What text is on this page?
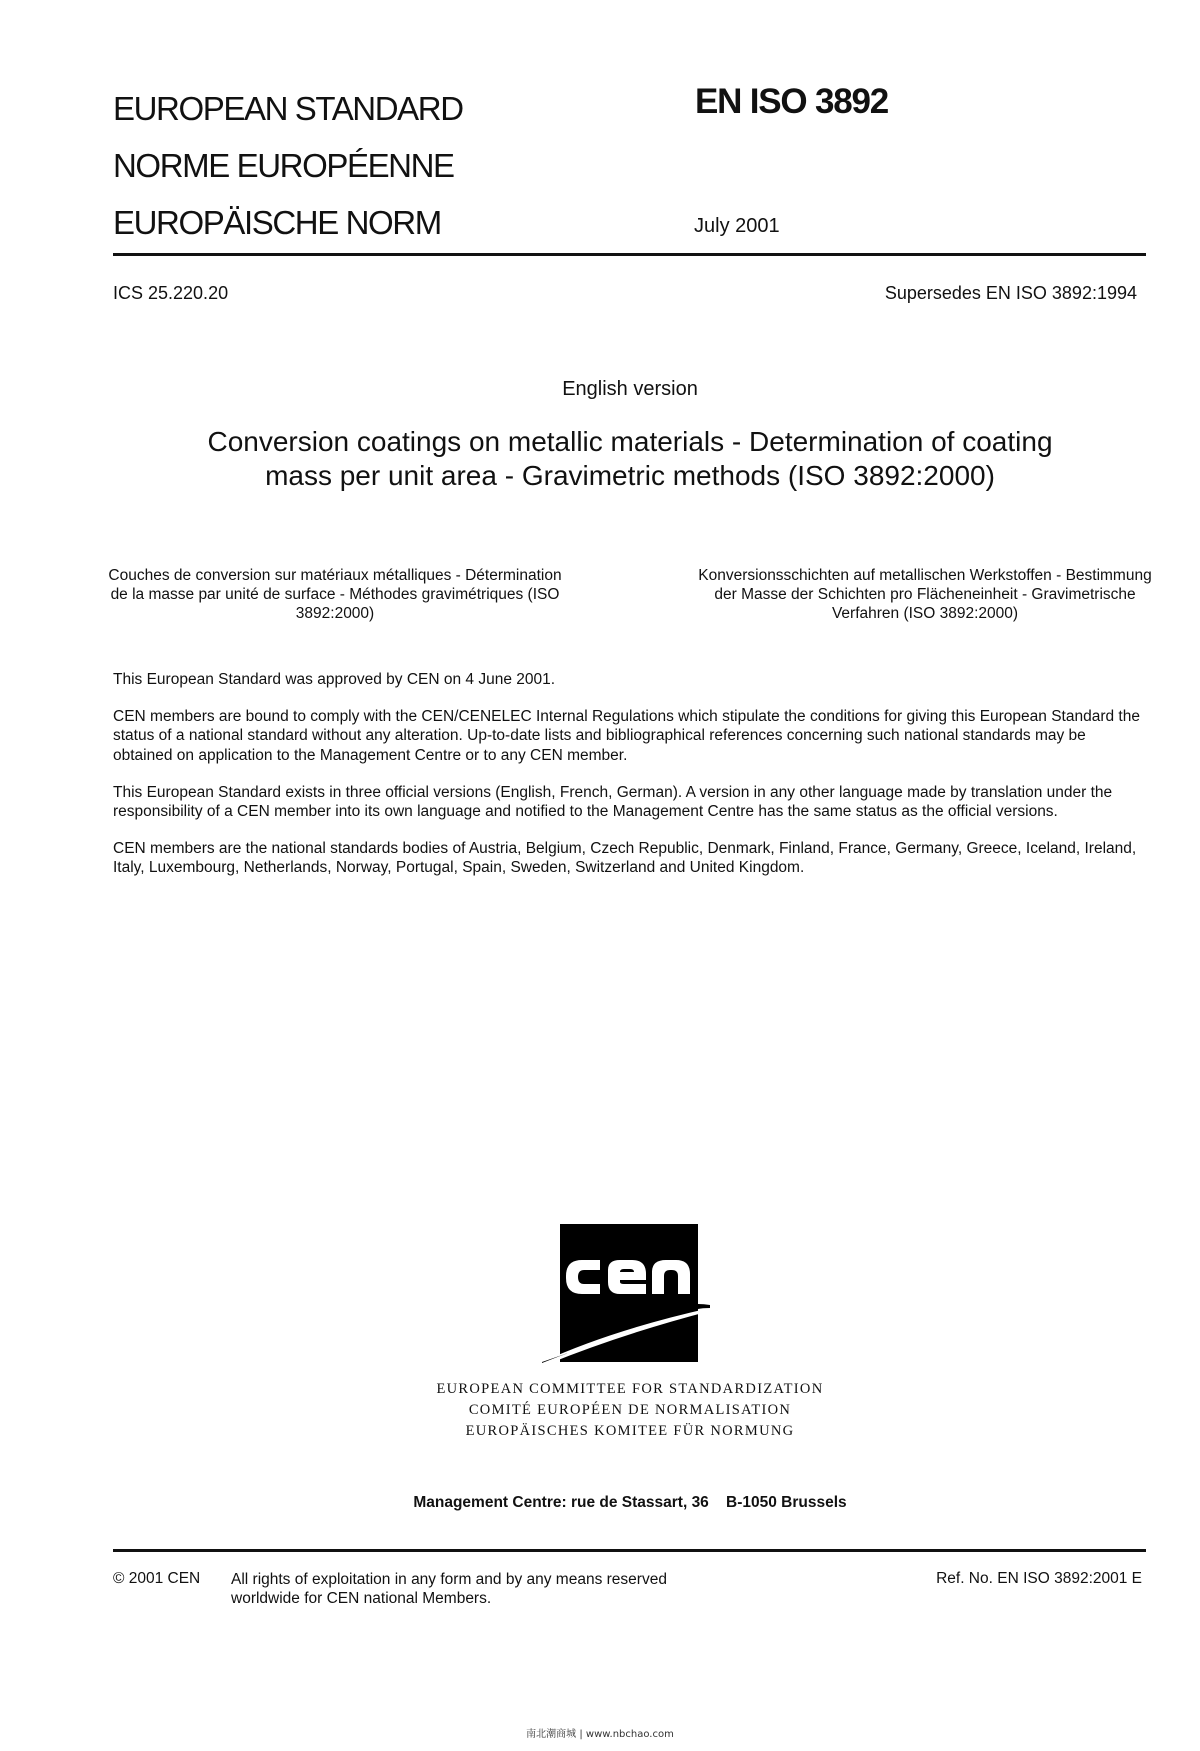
EUROPEAN STANDARD
NORME EUROPÉENNE
EUROPÄISCHE NORM
EN ISO 3892
July 2001
ICS 25.220.20	Supersedes EN ISO 3892:1994
English version
Conversion coatings on metallic materials - Determination of coating mass per unit area - Gravimetric methods (ISO 3892:2000)
Couches de conversion sur matériaux métalliques - Détermination de la masse par unité de surface - Méthodes gravimétriques (ISO 3892:2000)
Konversionsschichten auf metallischen Werkstoffen - Bestimmung der Masse der Schichten pro Flächeneinheit - Gravimetrische Verfahren (ISO 3892:2000)

This European Standard was approved by CEN on 4 June 2001.

CEN members are bound to comply with the CEN/CENELEC Internal Regulations which stipulate the conditions for giving this European Standard the status of a national standard without any alteration. Up-to-date lists and bibliographical references concerning such national standards may be obtained on application to the Management Centre or to any CEN member.

This European Standard exists in three official versions (English, French, German). A version in any other language made by translation under the responsibility of a CEN member into its own language and notified to the Management Centre has the same status as the official versions.

CEN members are the national standards bodies of Austria, Belgium, Czech Republic, Denmark, Finland, France, Germany, Greece, Iceland, Ireland, Italy, Luxembourg, Netherlands, Norway, Portugal, Spain, Sweden, Switzerland and United Kingdom.

EUROPEAN COMMITTEE FOR STANDARDIZATION
COMITÉ EUROPÉEN DE NORMALISATION
EUROPÄISCHES KOMITEE FÜR NORMUNG
Management Centre: rue de Stassart, 36    B-1050 Brussels
© 2001 CEN All rights of exploitation in any form and by any means reserved
worldwide for CEN national Members.
Ref. No. EN ISO 3892:2001 E
南北潮商城 | www.nbchao.com
